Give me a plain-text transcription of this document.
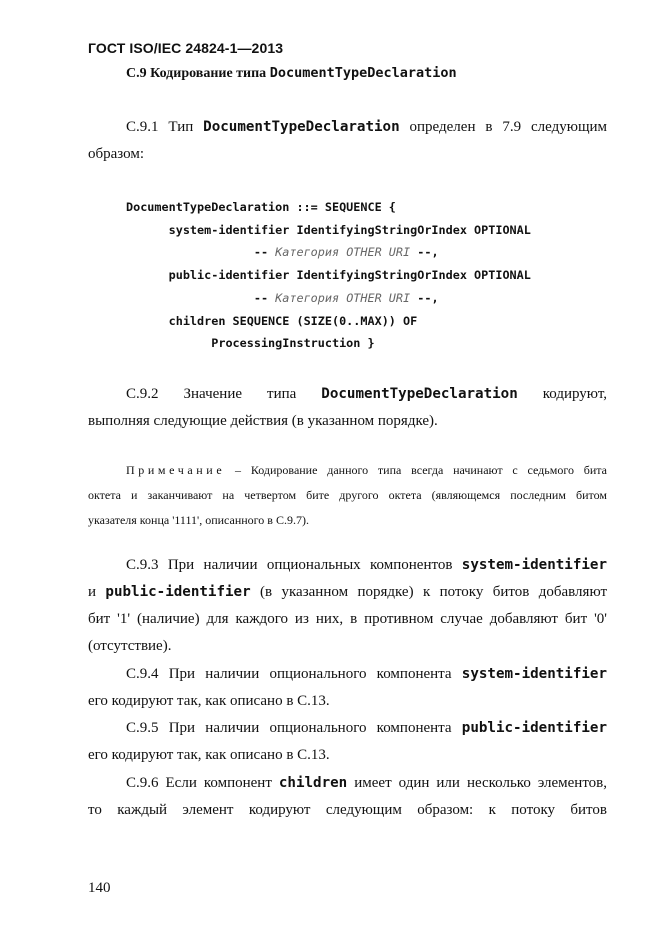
ГОСТ ISO/IEC 24824-1—2013
C.9 Кодирование типа DocumentTypeDeclaration
C.9.1 Тип DocumentTypeDeclaration определен в 7.9 следующим
образом:
DocumentTypeDeclaration ::= SEQUENCE {
system-identifier IdentifyingStringOrIndex OPTIONAL
-- Категория OTHER URI --,
public-identifier IdentifyingStringOrIndex OPTIONAL
-- Категория OTHER URI --,
children SEQUENCE (SIZE(0..MAX)) OF
ProcessingInstruction }
C.9.2 Значение типа DocumentTypeDeclaration кодируют,
выполняя следующие действия (в указанном порядке).
Примечание – Кодирование данного типа всегда начинают с седьмого бита
октета и заканчивают на четвертом бите другого октета (являющемся последним битом
указателя конца '1111', описанного в С.9.7).
C.9.3 При наличии опциональных компонентов system-identifier
и public-identifier (в указанном порядке) к потоку битов добавляют
бит '1' (наличие) для каждого из них, в противном случае добавляют бит '0'
(отсутствие).
C.9.4 При наличии опционального компонента system-identifier
его кодируют так, как описано в С.13.
C.9.5 При наличии опционального компонента public-identifier
его кодируют так, как описано в С.13.
C.9.6 Если компонент children имеет один или несколько элементов,
то каждый элемент кодируют следующим образом: к потоку битов
140
